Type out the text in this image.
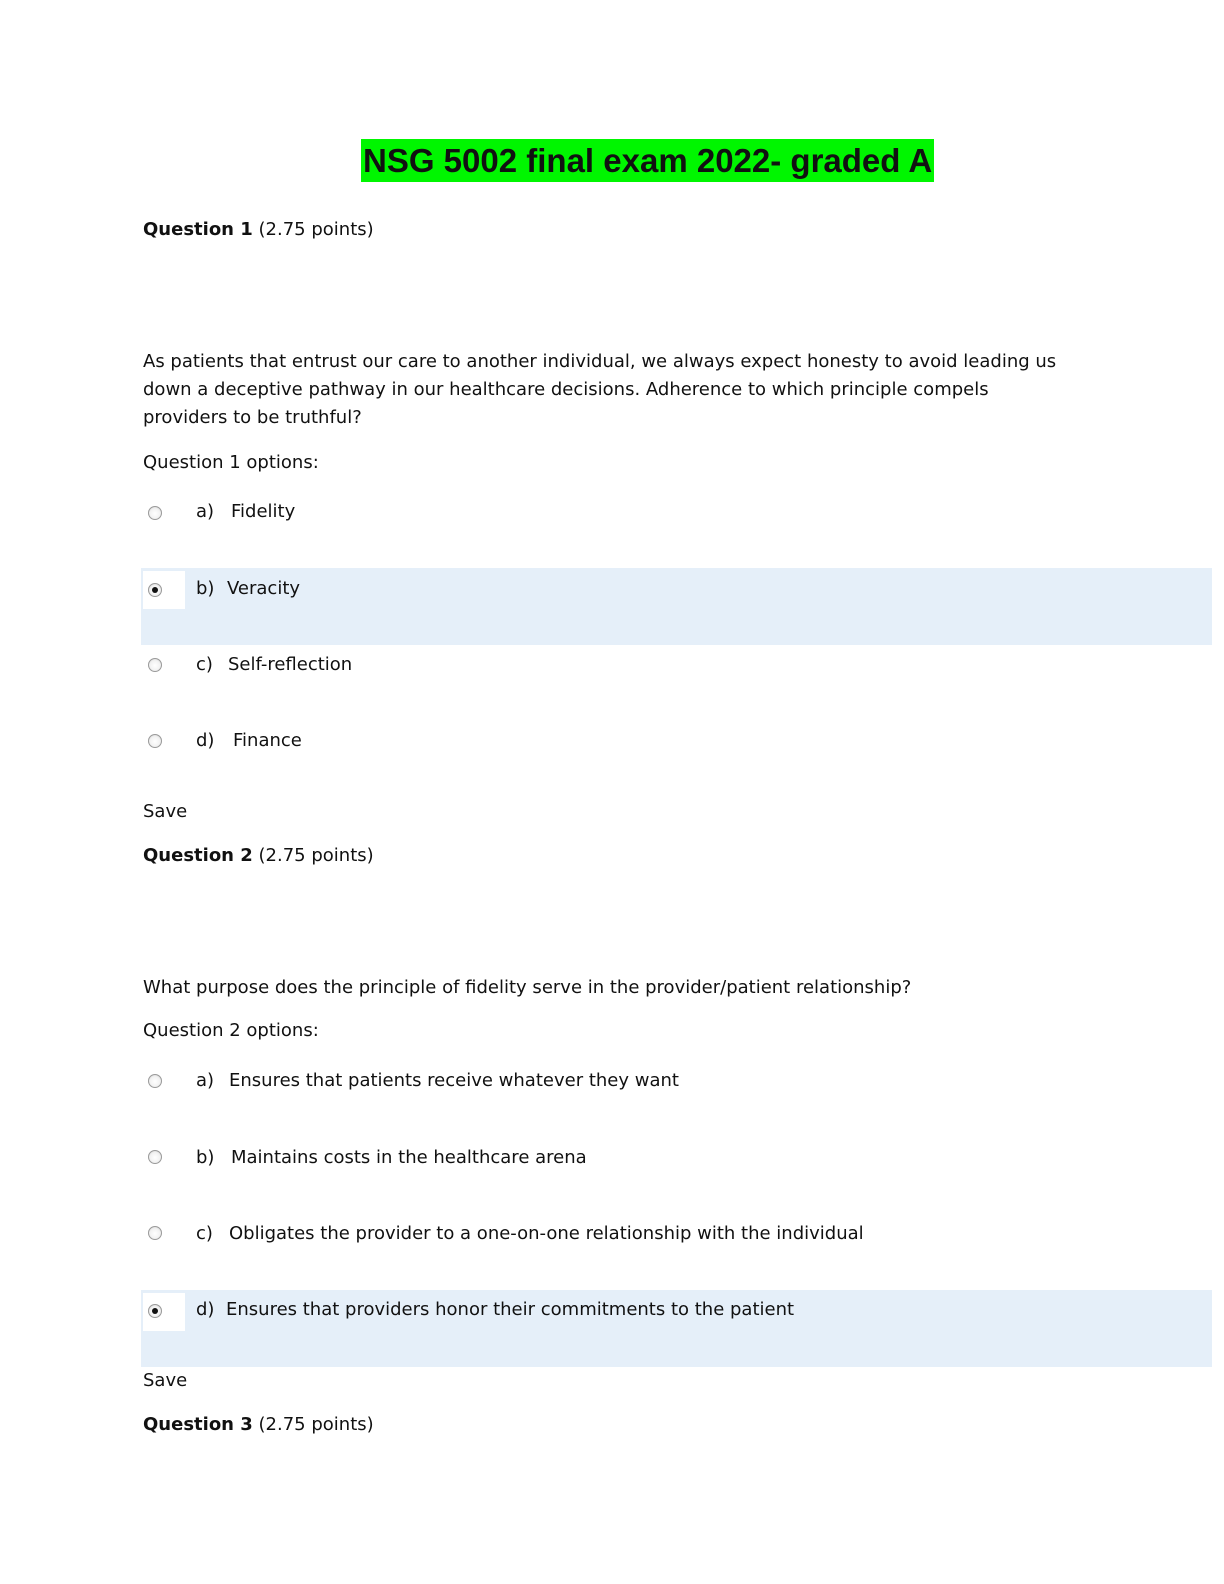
NSG 5002 final exam 2022- graded A
Question 1 (2.75 points)
As patients that entrust our care to another individual, we always expect honesty to avoid leading us down a deceptive pathway in our healthcare decisions. Adherence to which principle compels providers to be truthful?
Question 1 options:
a) Fidelity
b) Veracity
c) Self-reflection
d) Finance
Save
Question 2 (2.75 points)
What purpose does the principle of fidelity serve in the provider/patient relationship?
Question 2 options:
a) Ensures that patients receive whatever they want
b) Maintains costs in the healthcare arena
c) Obligates the provider to a one-on-one relationship with the individual
d) Ensures that providers honor their commitments to the patient
Save
Question 3 (2.75 points)
